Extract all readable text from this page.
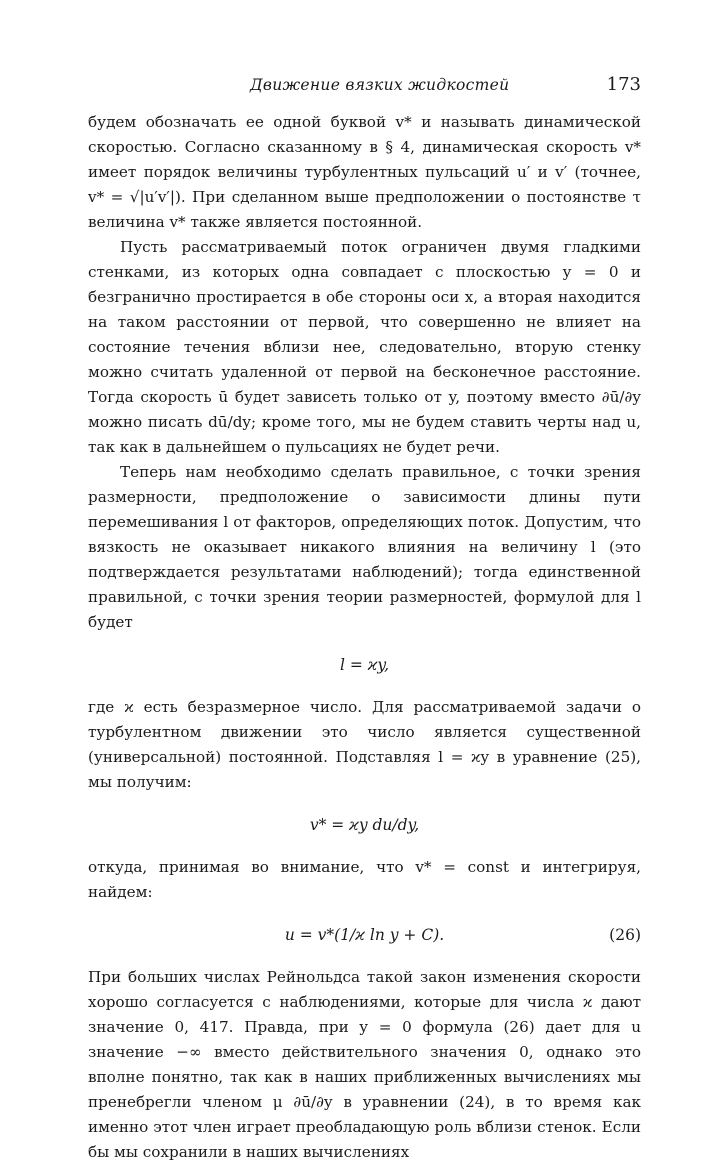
Движение вязких жидкостей	173

будем обозначать ее одной буквой v* и называть динамической скоростью. Согласно сказанному в § 4, динамическая скорость v* имеет порядок величины турбулентных пульсаций u′ и v′ (точнее, v* = √|u′v′|). При сделанном выше предположении о постоянстве τ величина v* также является постоянной.

Пусть рассматриваемый поток ограничен двумя гладкими стенками, из которых одна совпадает с плоскостью y = 0 и безгранично простирается в обе стороны оси x, а вторая находится на таком расстоянии от первой, что совершенно не влияет на состояние течения вблизи нее, следовательно, вторую стенку можно считать удаленной от первой на бесконечное расстояние. Тогда скорость ū будет зависеть только от y, поэтому вместо ∂ū/∂y можно писать dū/dy; кроме того, мы не будем ставить черты над u, так как в дальнейшем о пульсациях не будет речи.

Теперь нам необходимо сделать правильное, с точки зрения размерности, предположение о зависимости длины пути перемешивания l от факторов, определяющих поток. Допустим, что вязкость не оказывает никакого влияния на величину l (это подтверждается результатами наблюдений); тогда единственной правильной, с точки зрения теории размерностей, формулой для l будет

l = ϰy,

где ϰ есть безразмерное число. Для рассматриваемой задачи о турбулентном движении это число является существенной (универсальной) постоянной. Подставляя l = ϰy в уравнение (25), мы получим:

v* = ϰy du/dy,

откуда, принимая во внимание, что v* = const и интегрируя, найдем:

u = v*(1/ϰ ln y + C).	(26)

При больших числах Рейнольдса такой закон изменения скорости хорошо согласуется с наблюдениями, которые для числа ϰ дают значение 0, 417. Правда, при y = 0 формула (26) дает для u значение −∞ вместо действительного значения 0, однако это вполне понятно, так как в наших приближенных вычислениях мы пренебрегли членом μ ∂ū/∂y в уравнении (24), в то время как именно этот член играет преобладающую роль вблизи стенок. Если бы мы сохранили в наших вычислениях
